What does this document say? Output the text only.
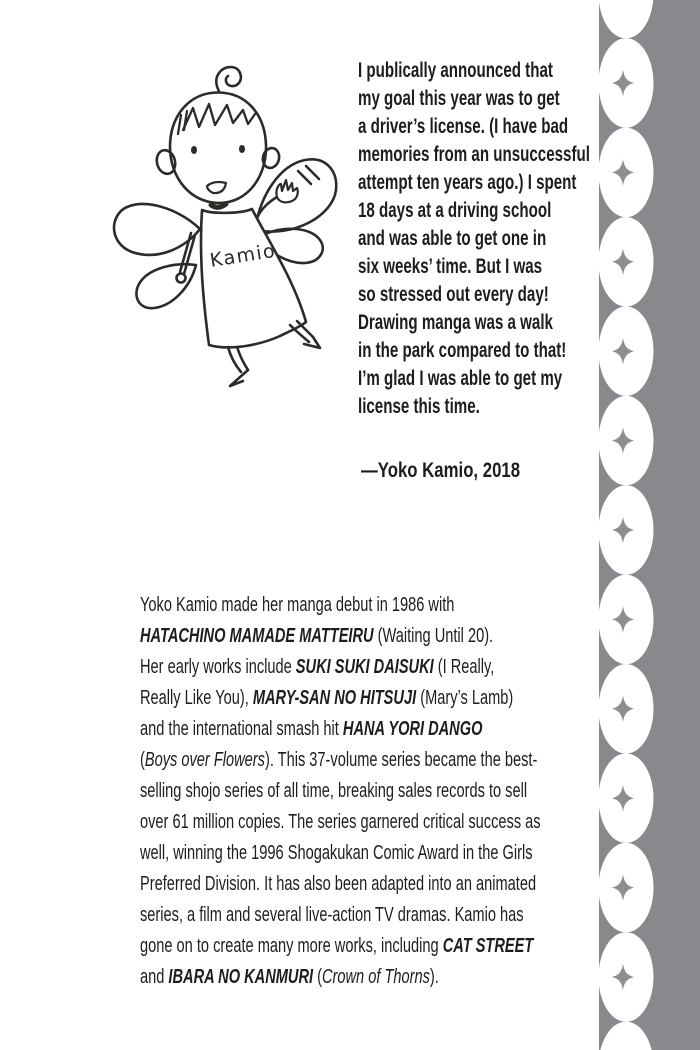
Kamio
I publically announced that
my goal this year was to get
a driver’s license. (I have bad
memories from an unsuccessful
attempt ten years ago.) I spent
18 days at a driving school
and was able to get one in
six weeks’ time. But I was
so stressed out every day!
Drawing manga was a walk
in the park compared to that!
I’m glad I was able to get my
license this time.
—Yoko Kamio, 2018
Yoko Kamio made her manga debut in 1986 with
HATACHINO MAMADE MATTEIRU (Waiting Until 20).
Her early works include SUKI SUKI DAISUKI (I Really,
Really Like You), MARY-SAN NO HITSUJI (Mary’s Lamb)
and the international smash hit HANA YORI DANGO
(Boys over Flowers). This 37-volume series became the best-
selling shojo series of all time, breaking sales records to sell
over 61 million copies. The series garnered critical success as
well, winning the 1996 Shogakukan Comic Award in the Girls
Preferred Division. It has also been adapted into an animated
series, a film and several live-action TV dramas. Kamio has
gone on to create many more works, including CAT STREET
and IBARA NO KANMURI (Crown of Thorns).
